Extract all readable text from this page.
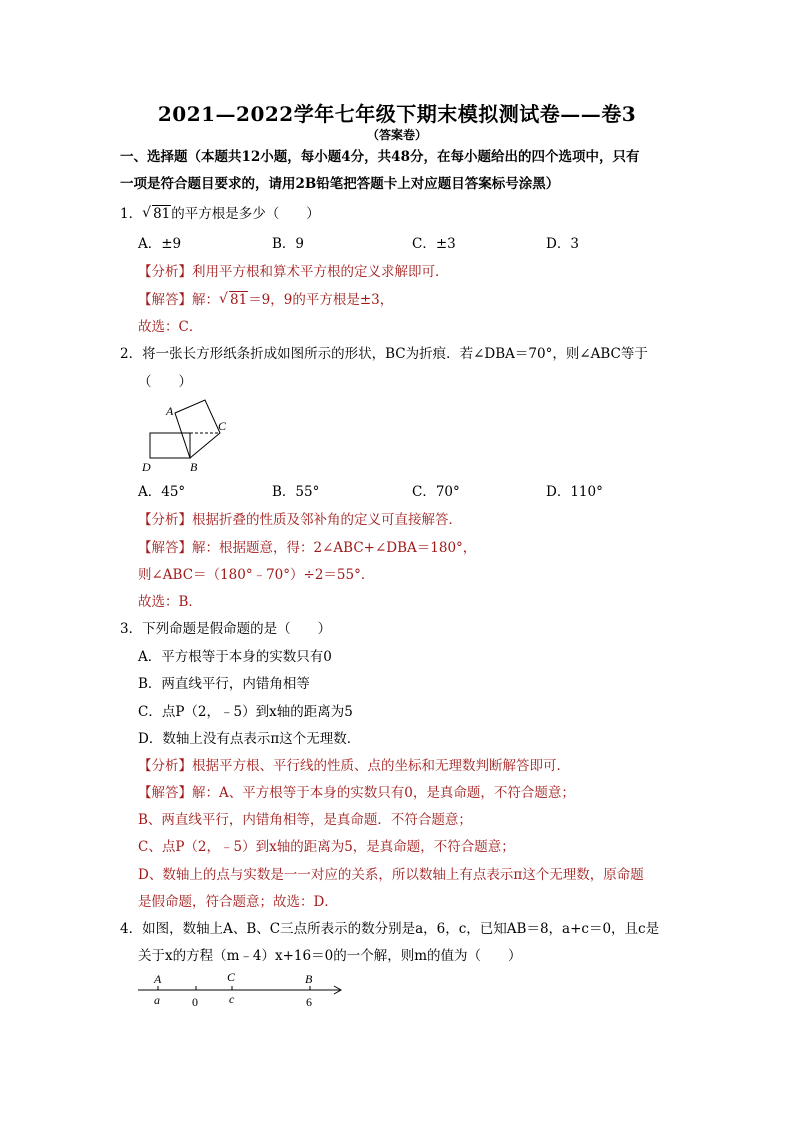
2021—2022学年七年级下期末模拟测试卷——卷3
（答案卷）
一、选择题（本题共12小题，每小题4分，共48分，在每小题给出的四个选项中，只有
一项是符合题目要求的，请用2B铅笔把答题卡上对应题目答案标号涂黑）
1． √ 81的平方根是多少（　　）
A．±9	B．9	C．±3	D．3
【分析】利用平方根和算术平方根的定义求解即可．
【解答】解： √ 81＝9，9的平方根是±3，
故选：C．
2．将一张长方形纸条折成如图所示的形状，BC为折痕．若∠DBA＝70°，则∠ABC等于
（　　）
A
C
D	B
A．45°	B．55°	C．70°	D．110°
【分析】根据折叠的性质及邻补角的定义可直接解答．
【解答】解：根据题意，得：2∠ABC+∠DBA＝180°，
则∠ABC＝（180°﹣70°）÷2＝55°．
故选：B．
3．下列命题是假命题的是（　　）
A．平方根等于本身的实数只有0
B．两直线平行，内错角相等
C．点P（2，﹣5）到x轴的距离为5
D．数轴上没有点表示π这个无理数．
【分析】根据平方根、平行线的性质、点的坐标和无理数判断解答即可．
【解答】解：A、平方根等于本身的实数只有0，是真命题，不符合题意；
B、两直线平行，内错角相等，是真命题．不符合题意；
C、点P（2，﹣5）到x轴的距离为5，是真命题，不符合题意；
D、数轴上的点与实数是一一对应的关系，所以数轴上有点表示π这个无理数，原命题
是假命题，符合题意；故选：D．
4．如图，数轴上A、B、C三点所表示的数分别是a，6，c，已知AB＝8，a+c＝0，且c是
关于x的方程（m﹣4）x+16＝0的一个解，则m的值为（　　）
A
a	0
C
c
B
6
